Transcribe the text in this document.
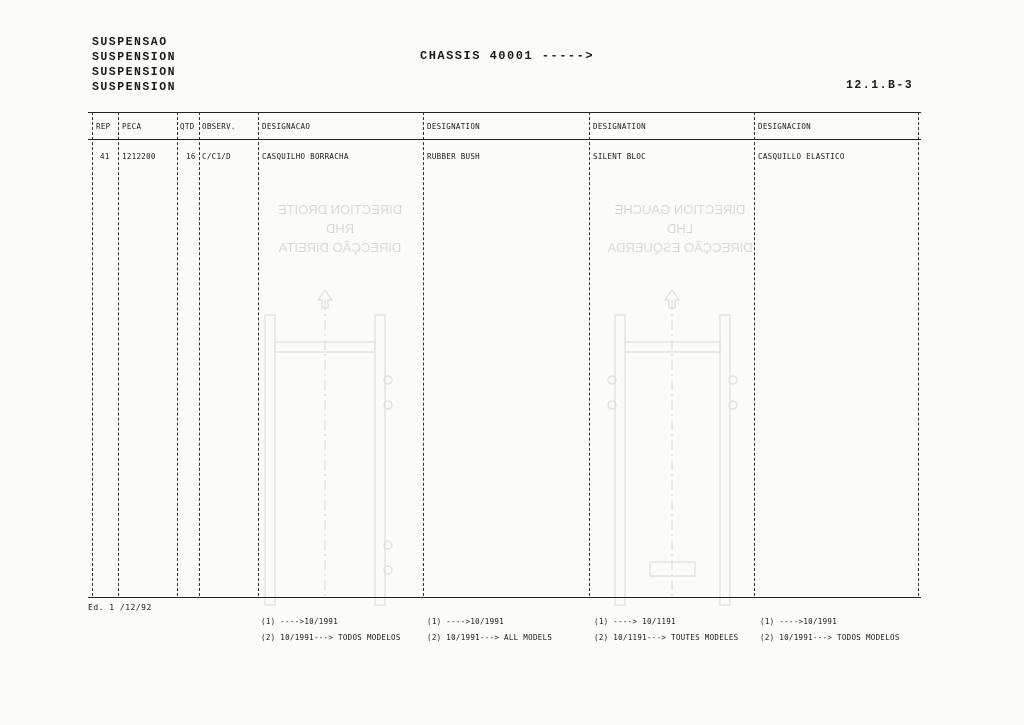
DIRECTION DROITE
RHD
DIRECÇÃO DIREITA
DIRECTION GAUCHE
LHD
DIRECÇÃO ESQUERDA
SUSPENSAO
SUSPENSION
SUSPENSION
SUSPENSION
CHASSIS 40001 ----->
12.1.B-3
REP PECA	QTD OBSERV.	DESIGNACAO	DESIGNATION	DESIGNATION	DESIGNACION
41 1212200	16 C/C1/D	CASQUILHO BORRACHA	RUBBER BUSH	SILENT BLOC	CASQUILLO ELASTICO
Ed. 1 /12/92
(1) ---->10/1991
(2) 10/1991---> TODOS MODELOS
(1) ---->10/1991
(2) 10/1991---> ALL MODELS
(1) ----> 10/1191
(2) 10/1191---> TOUTES MODELES
(1) ---->10/1991
(2) 10/1991---> TODOS MODELOS
